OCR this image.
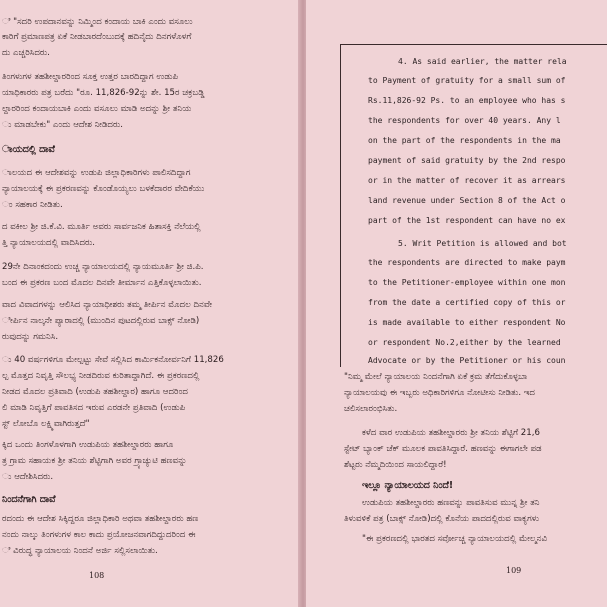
ಿ "ಸದರಿ ಉಪದಾನವನ್ನು ನಿಮ್ಮಿಂದ ಕಂದಾಯ ಬಾಕಿ ಎಂದು ವಸೂಲು
ಕಾರಿಗೆ ಪ್ರಮಾಣಪತ್ರ ಏಕೆ ನೀಡಬಾರದೆಂಬುದಕ್ಕೆ ಹದಿನೈದು ದಿನಗಳೊಳಗೆ
ದು ಎಚ್ಚರಿಸಿದರು.
ತಿಂಗಳುಗಳ ತಹಶೀಲ್ದಾರರಿಂದ ಸೂಕ್ತ ಉತ್ತರ ಬಾರದಿದ್ದಾಗ ಉಡುಪಿ
ಯಾಧಿಕಾರರು ಪತ್ರ ಬರೆದು "ರೂ. 11,826-92ನ್ನು ಶೇ. 15ರ ಚಕ್ರಬಡ್ಡಿ
ಲ್ದಾರರಿಂದ ಕಂದಾಯಬಾಕಿ ಎಂದು ವಸೂಲು ಮಾಡಿ ಅದನ್ನು ಶ್ರೀ ತನಿಯ
ು ಮಾಡಬೇಕು" ಎಂದು ಆದೇಶ ನೀಡಿದರು.
ಾಯದಲ್ಲಿ ದಾವೆ
ಾಲಯದ ಈ ಆದೇಶವನ್ನು ಉಡುಪಿ ಜಿಲ್ಲಾಧಿಕಾರಿಗಳು ಪಾಲಿಸದಿದ್ದಾಗ
ನ್ಯಾಯಾಲಯಕ್ಕೆ ಈ ಪ್ರಕರಣವನ್ನು ಕೊಂಡೊಯ್ಯಲು ಬಳಕೆದಾರರ ವೇದಿಕೆಯು
ಂ ಸಹಕಾರ ನೀಡಿತು.
ದ ವಕೀಲ ಶ್ರೀ ಜಿ.ಕೆ.ವಿ. ಮೂರ್ತಿ ಅವರು ಸಾರ್ವಜನಿಕ ಹಿತಾಸಕ್ತಿ ನೆಲೆಯಲ್ಲಿ
ತ್ತಿ ನ್ಯಾಯಾಲಯದಲ್ಲಿ ವಾದಿಸಿದರು.
29ನೇ ದಿನಾಂಕದಂದು ಉಚ್ಚ ನ್ಯಾಯಾಲಯದಲ್ಲಿ ನ್ಯಾಯಮೂರ್ತಿ ಶ್ರೀ ಜಿ.ಪಿ.
ಬಂದ ಈ ಪ್ರಕರಣ ಬಂದ ಮೊದಲ ದಿನವೇ ತೀರ್ಮಾನ ಎತ್ತಿಕೊಳ್ಳಲಾಯಿತು.
ವಾದ ವಿವಾದಗಳನ್ನು ಆಲಿಸಿದ ನ್ಯಾಯಾಧೀಶರು ತಮ್ಮ ತೀರ್ಪಿನ ಮೊದಲ ದಿನವೇ
ೀರ್ಪಿನ ನಾಲ್ಕನೇ ಪ್ಯಾರಾದಲ್ಲಿ (ಮುಂದಿನ ಪುಟದಲ್ಲಿರುವ ಬಾಕ್ಸ್ ನೋಡಿ)
ರುವುದನ್ನು ಗಮನಿಸಿ.
ು 40 ವರ್ಷಗಳಿಗೂ ಮೇಲ್ಪಟ್ಟು ಸೇವೆ ಸಲ್ಲಿಸಿದ ಕಾರ್ಮಿಕನೋರ್ವನಿಗೆ 11,826
ಲ್ಪ ಮೊತ್ತದ ನಿವೃತ್ತಿ ಸೌಲಭ್ಯ ನೀಡದಿರುವ ಕುರಿತಾದ್ದಾಗಿದೆ. ಈ ಪ್ರಕರಣದಲ್ಲಿ
ನೀಡದ ಮೊದಲ ಪ್ರತಿವಾದಿ (ಉಡುಪಿ ತಹಶೀಲ್ದಾರ) ಹಾಗೂ ಆದರಿಂದ
ಲಿ ಮಾಡಿ ನಿವೃತ್ತಿಗೆ ಪಾವತಿಸದ ಇರುವ ಎರಡನೇ ಪ್ರತಿವಾದಿ (ಉಡುಪಿ
ಸ್ಟ್ ಲೋಬೊ ಲಕ್ಷ್ಮಿವಾಗಿರುತ್ತದೆ"
ಕ್ಕಿದ ಒಂದು ತಿಂಗಳೊಳಗಾಗಿ ಉಡುಪಿಯ ತಹಶೀಲ್ದಾರರು ಹಾಗೂ
ತ್ರ ಗ್ರಾಮ ಸಹಾಯಕ ಶ್ರೀ ತನಿಯ ಶೆಟ್ಟಿಗಾಗಿ ಅವರ ಗ್ರ್ಯಾಚ್ಯುಟಿ ಹಣವನ್ನು
ು ಆದೇಶಿಸಿದರು.
ನಿಂದನೆಗಾಗಿ ದಾವೆ
ರದಂದು ಈ ಆದೇಶ ಸಿಕ್ಕಿದ್ದರೂ ಜಿಲ್ಲಾಧಿಕಾರಿ ಅಥವಾ ತಹಶೀಲ್ದಾರರು ಹಣ
ನಂದು ನಾಲ್ಕು ತಿಂಗಳುಗಳ ಕಾಲ ಕಾದು ಪ್ರಯೋಜನವಾಗದಿದ್ದುದರಿಂದ ಈ
ಿ ವಿರುದ್ಧ ನ್ಯಾಯಾಲಯ ನಿಂದನೆ ಅರ್ಜಿ ಸಲ್ಲಿಸಲಾಯಿತು.
108
4. As said earlier, the matter rela
to Payment of gratuity for a small sum of
Rs.11,826-92 Ps. to an employee who has s
the respondents for over 40 years. Any l
on the part of the respondents in the ma
payment of said gratuity by the 2nd respo
or in the matter of recover it as arrears
land revenue under Section 8 of the Act o
part of the 1st respondent can have no ex
5. Writ Petition is allowed and bot
the respondents are directed to make paym
to the Petitioner-employee within one mon
from the date a certified copy of this or
is made available to either respondent No
or respondent No.2,either by the learned
Advocate or by the Petitioner or his coun
"ನಿಮ್ಮ ಮೇಲೆ ನ್ಯಾಯಾಲಯ ನಿಂದನೆಗಾಗಿ ಏಕೆ ಕ್ರಮ ತೆಗೆದುಕೊಳ್ಳಬಾ
ನ್ಯಾಯಾಲಯವು ಈ ಇಬ್ಬರು ಅಧಿಕಾರಿಗಳಿಗೂ ನೋಟೀಸು ನೀಡಿತು. ಇದ
ಚಲಿಸಲಾರಂಭಿಸಿತು.
ಕಳೆದ ವಾರ ಉಡುಪಿಯ ತಹಶೀಲ್ದಾರರು ಶ್ರೀ ತನಿಯ ಶೆಟ್ಟಿಗೆ 21,6
ಸ್ಟೇಟ್ ಬ್ಯಾಂಕ್ ಚೆಕ್ ಮೂಲಕ ಪಾವತಿಸಿದ್ದಾರೆ. ಹಣವನ್ನು ಈಗಾಗಲೇ ಪಡ
ಶೆಟ್ಟರು ನೆಮ್ಮದಿಯಿಂದ ಸಾಯಲಿದ್ದಾರೆ!
ಇಲ್ಲೂ ನ್ಯಾಯಾಲಯದ ನಿಂದೆ!
ಉಡುಪಿಯ ತಹಶೀಲ್ದಾರರು ಹಣವನ್ನು ಪಾವತಿಸುವ ಮುನ್ನ ಶ್ರೀ ತನಿ
ತಿಳುವಳಿಕೆ ಪತ್ರ (ಬಾಕ್ಸ್ ನೋಡಿ)ದಲ್ಲಿ ಕೊನೆಯ ಪಾದದಲ್ಲಿರುವ ವಾಕ್ಯಗಳು
"ಈ ಪ್ರಕರಣದಲ್ಲಿ ಭಾರತದ ಸರ್ವೋಚ್ಚ ನ್ಯಾಯಾಲಯದಲ್ಲಿ ಮೇಲ್ಮನವಿ
109
